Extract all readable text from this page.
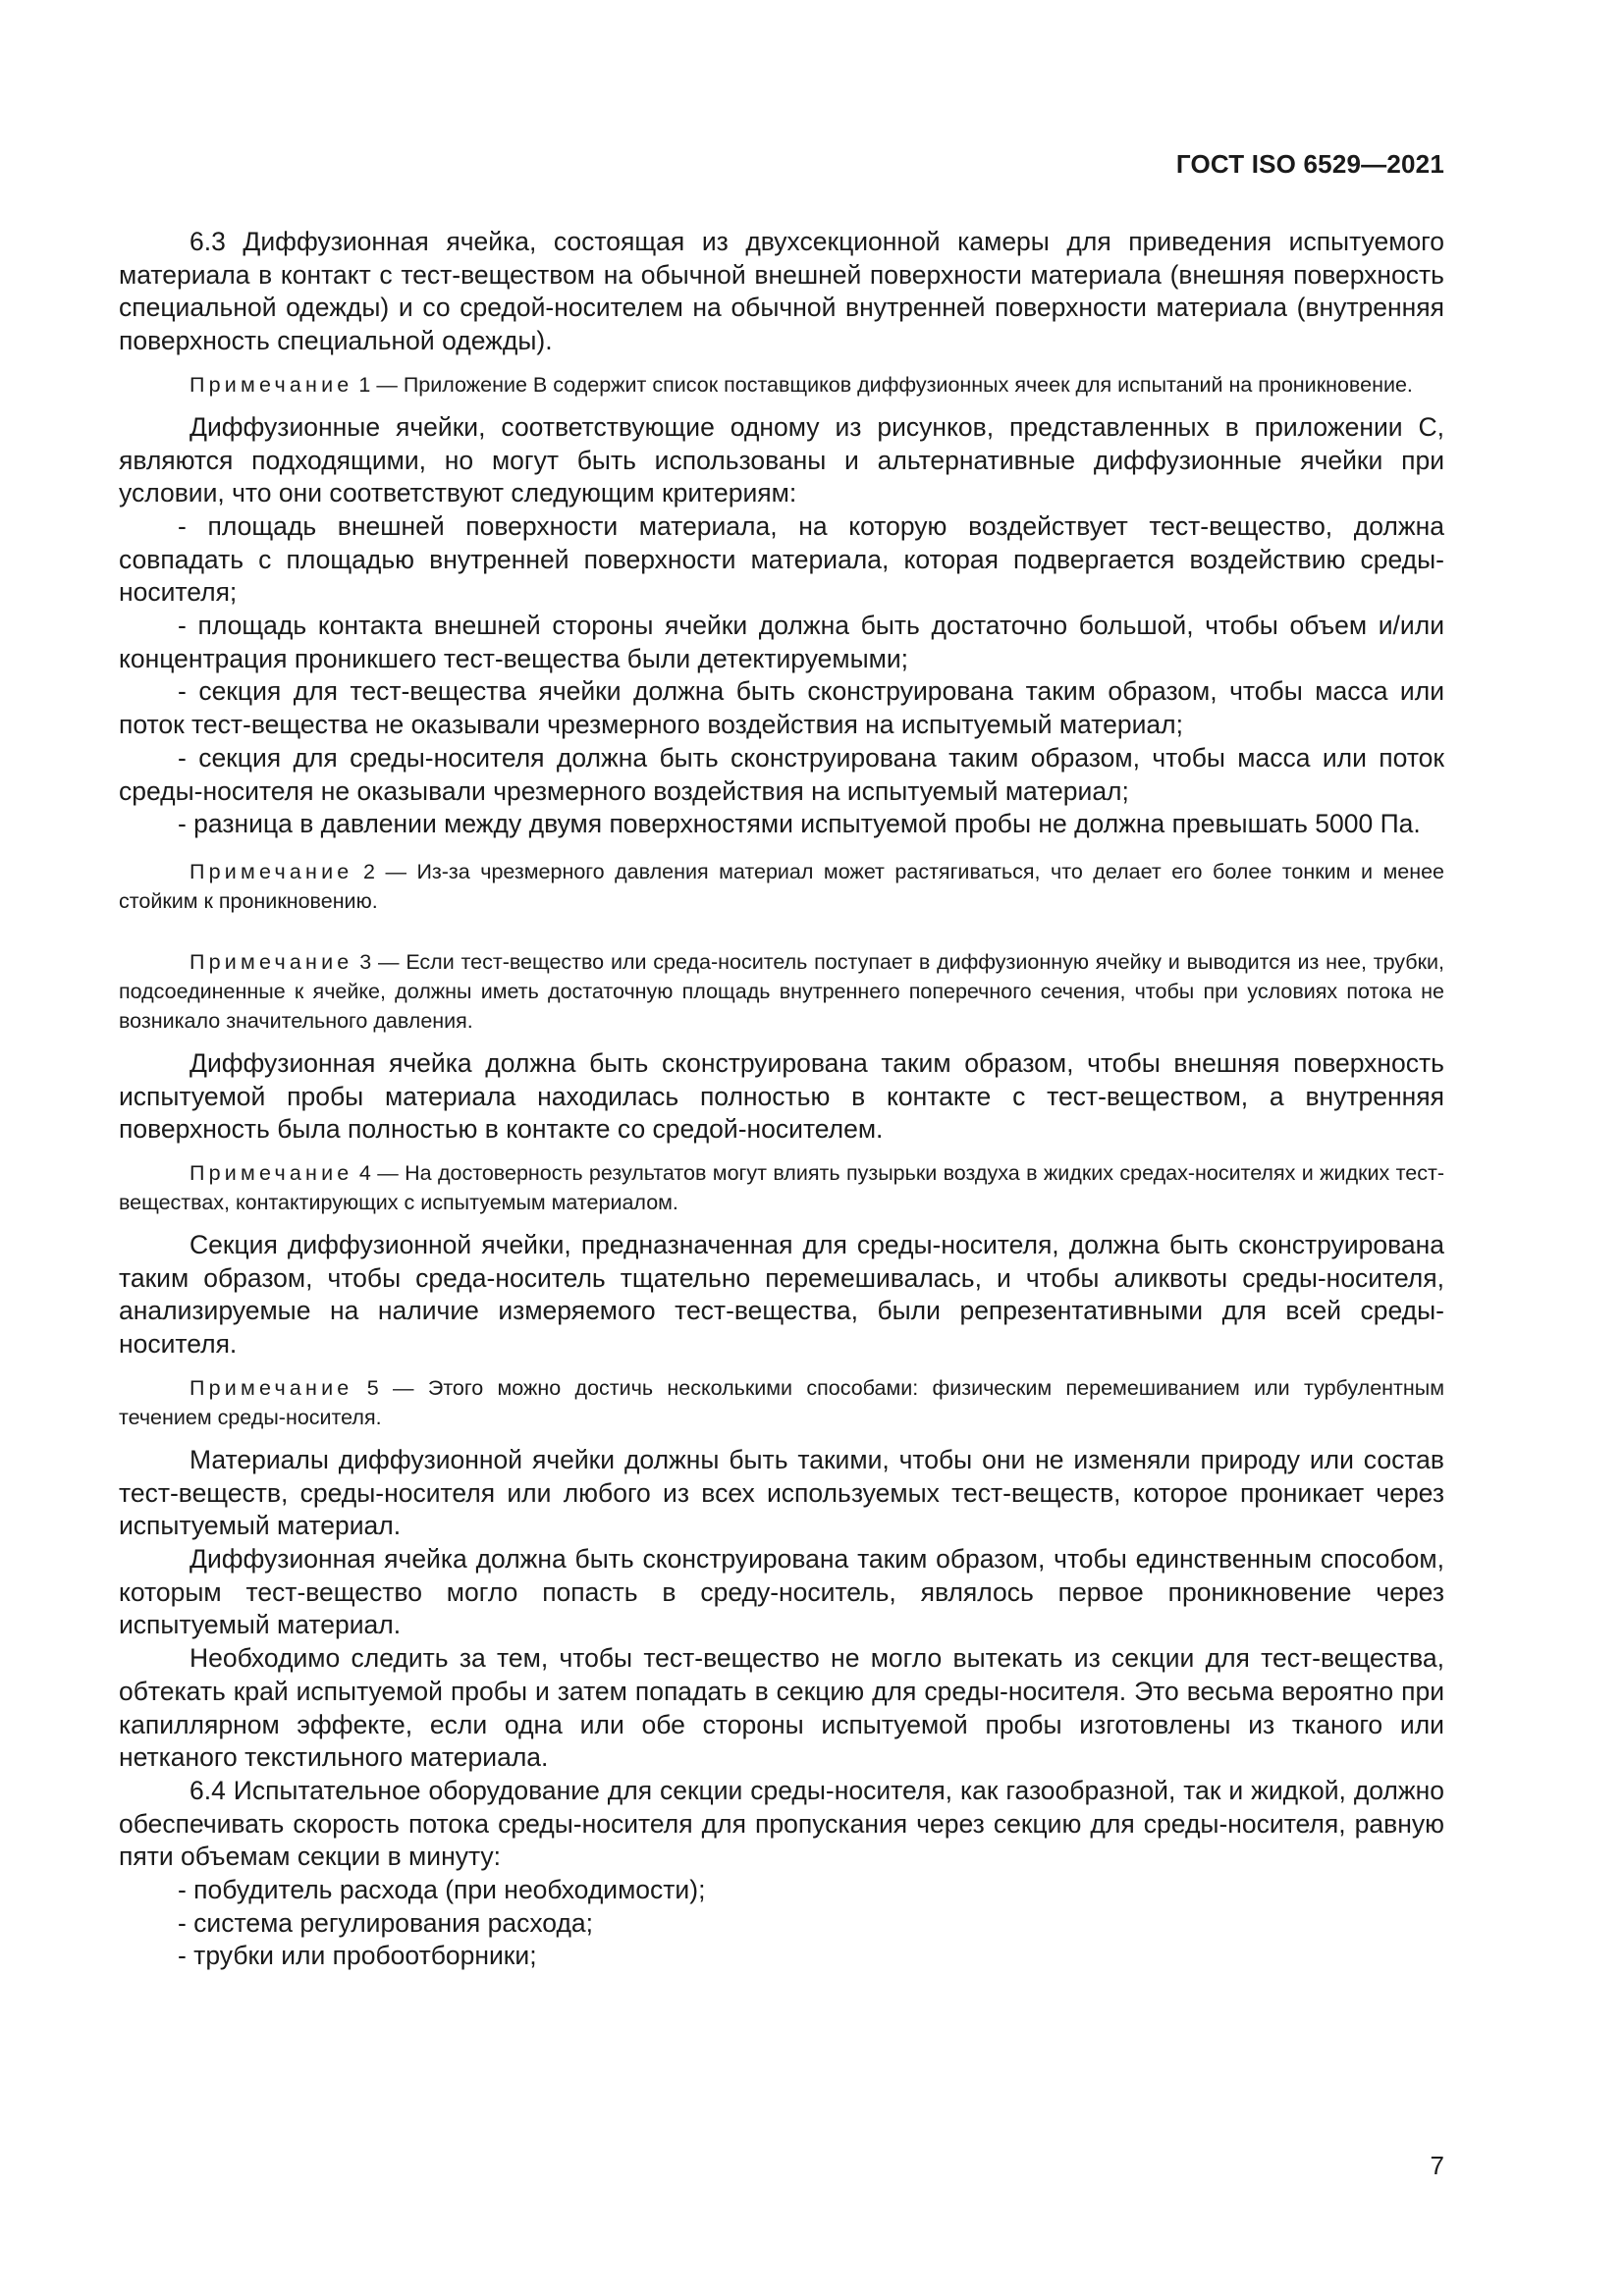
ГОСТ ISO 6529—2021

6.3 Диффузионная ячейка, состоящая из двухсекционной камеры для приведения испытуемого материала в контакт с тест-веществом на обычной внешней поверхности материала (внешняя поверхность специальной одежды) и со средой-носителем на обычной внутренней поверхности материала (внутренняя поверхность специальной одежды).

Примечание 1 — Приложение В содержит список поставщиков диффузионных ячеек для испытаний на проникновение.

Диффузионные ячейки, соответствующие одному из рисунков, представленных в приложении С, являются подходящими, но могут быть использованы и альтернативные диффузионные ячейки при условии, что они соответствуют следующим критериям:

- площадь внешней поверхности материала, на которую воздействует тест-вещество, должна совпадать с площадью внутренней поверхности материала, которая подвергается воздействию среды-носителя;

- площадь контакта внешней стороны ячейки должна быть достаточно большой, чтобы объем и/или концентрация проникшего тест-вещества были детектируемыми;

- секция для тест-вещества ячейки должна быть сконструирована таким образом, чтобы масса или поток тест-вещества не оказывали чрезмерного воздействия на испытуемый материал;

- секция для среды-носителя должна быть сконструирована таким образом, чтобы масса или поток среды-носителя не оказывали чрезмерного воздействия на испытуемый материал;

- разница в давлении между двумя поверхностями испытуемой пробы не должна превышать 5000 Па.

Примечание 2 — Из-за чрезмерного давления материал может растягиваться, что делает его более тонким и менее стойким к проникновению.

Примечание 3 — Если тест-вещество или среда-носитель поступает в диффузионную ячейку и выводится из нее, трубки, подсоединенные к ячейке, должны иметь достаточную площадь внутреннего поперечного сечения, чтобы при условиях потока не возникало значительного давления.

Диффузионная ячейка должна быть сконструирована таким образом, чтобы внешняя поверхность испытуемой пробы материала находилась полностью в контакте с тест-веществом, а внутренняя поверхность была полностью в контакте со средой-носителем.

Примечание 4 — На достоверность результатов могут влиять пузырьки воздуха в жидких средах-носителях и жидких тест-веществах, контактирующих с испытуемым материалом.

Секция диффузионной ячейки, предназначенная для среды-носителя, должна быть сконструирована таким образом, чтобы среда-носитель тщательно перемешивалась, и чтобы аликвоты среды-носителя, анализируемые на наличие измеряемого тест-вещества, были репрезентативными для всей среды-носителя.

Примечание 5 — Этого можно достичь несколькими способами: физическим перемешиванием или турбулентным течением среды-носителя.

Материалы диффузионной ячейки должны быть такими, чтобы они не изменяли природу или состав тест-веществ, среды-носителя или любого из всех используемых тест-веществ, которое проникает через испытуемый материал.

Диффузионная ячейка должна быть сконструирована таким образом, чтобы единственным способом, которым тест-вещество могло попасть в среду-носитель, являлось первое проникновение через испытуемый материал.

Необходимо следить за тем, чтобы тест-вещество не могло вытекать из секции для тест-вещества, обтекать край испытуемой пробы и затем попадать в секцию для среды-носителя. Это весьма вероятно при капиллярном эффекте, если одна или обе стороны испытуемой пробы изготовлены из тканого или нетканого текстильного материала.

6.4 Испытательное оборудование для секции среды-носителя, как газообразной, так и жидкой, должно обеспечивать скорость потока среды-носителя для пропускания через секцию для среды-носителя, равную пяти объемам секции в минуту:

- побудитель расхода (при необходимости);

- система регулирования расхода;

- трубки или пробоотборники;

7
